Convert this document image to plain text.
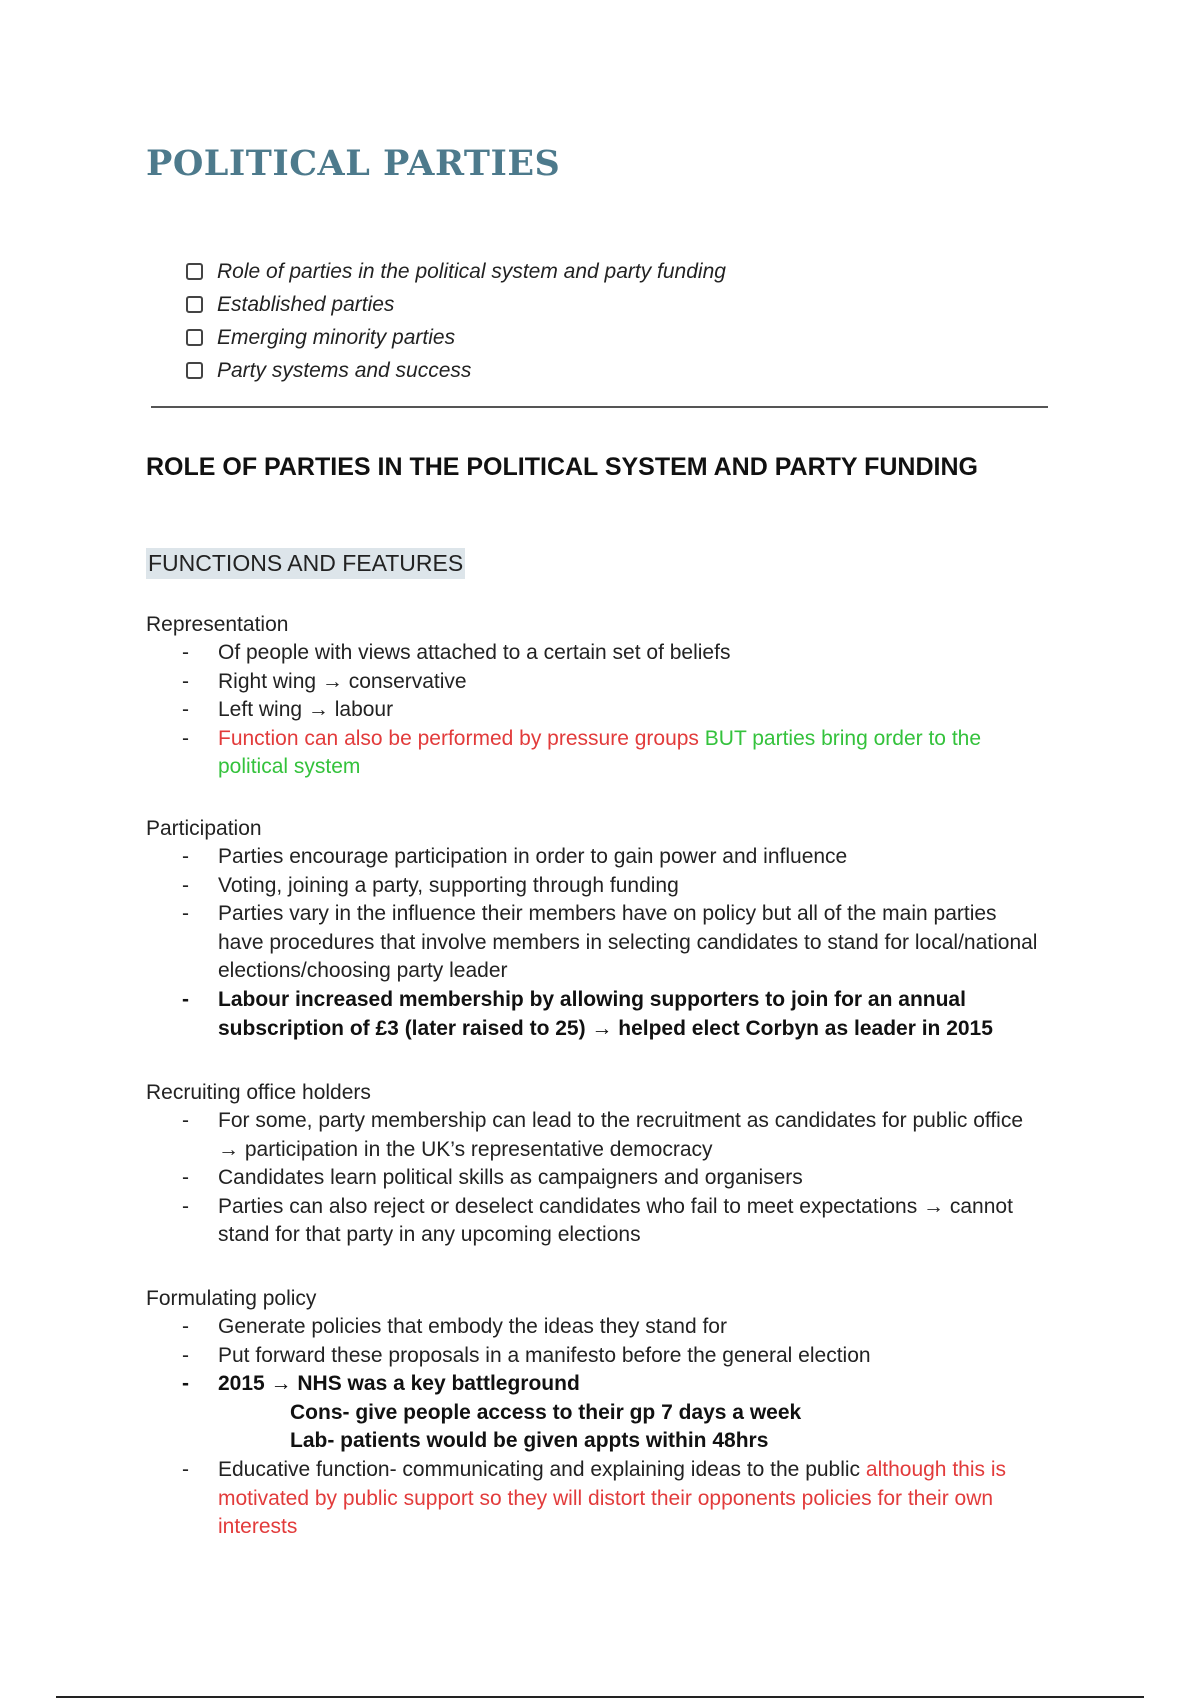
POLITICAL PARTIES
Role of parties in the political system and party funding
Established parties
Emerging minority parties
Party systems and success
ROLE OF PARTIES IN THE POLITICAL SYSTEM AND PARTY FUNDING
FUNCTIONS AND FEATURES
Representation
- Of people with views attached to a certain set of beliefs
- Right wing → conservative
- Left wing → labour
- Function can also be performed by pressure groups BUT parties bring order to the political system
Participation
- Parties encourage participation in order to gain power and influence
- Voting, joining a party, supporting through funding
- Parties vary in the influence their members have on policy but all of the main parties have procedures that involve members in selecting candidates to stand for local/national elections/choosing party leader
- Labour increased membership by allowing supporters to join for an annual subscription of £3 (later raised to 25) → helped elect Corbyn as leader in 2015
Recruiting office holders
- For some, party membership can lead to the recruitment as candidates for public office → participation in the UK’s representative democracy
- Candidates learn political skills as campaigners and organisers
- Parties can also reject or deselect candidates who fail to meet expectations → cannot stand for that party in any upcoming elections
Formulating policy
- Generate policies that embody the ideas they stand for
- Put forward these proposals in a manifesto before the general election
- 2015 → NHS was a key battleground
Cons- give people access to their gp 7 days a week
Lab- patients would be given appts within 48hrs
- Educative function- communicating and explaining ideas to the public although this is motivated by public support so they will distort their opponents policies for their own interests
